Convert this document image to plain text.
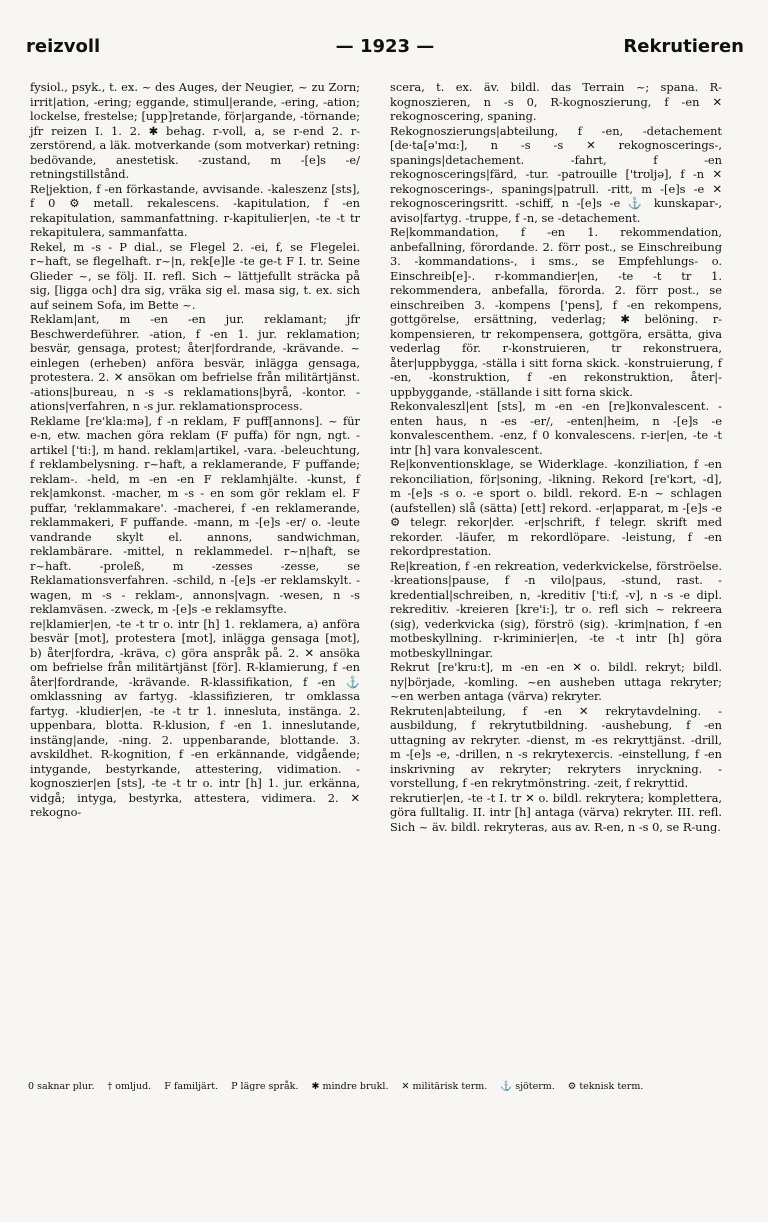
reizvoll	— 1923 —	Rekrutieren

fysiol., psyk., t. ex. ~ des Auges, der Neugier, ~ zu Zorn; irrit|ation, -ering; eggande, stimul|erande, -ering, -ation; lockelse, frestelse; [upp]retande, för|argande, -törnande; jfr reizen I. 1. 2. ✱ behag. r-voll, a, se r-end 2. r-zerstörend, a läk. motverkande (som motverkar) retning: bedövande, anestetisk. -zustand, m -[e]s -e/ retningstillstånd.

Re|jektion, f -en förkastande, avvisande. -kaleszenz [sts], f 0 ⚙ metall. rekalescens. -kapitulation, f -en rekapitulation, sammanfattning. r-kapitulier|en, -te -t tr rekapitulera, sammanfatta.

Rekel, m -s - P dial., se Flegel 2. -ei, f, se Flegelei. r~haft, se flegelhaft. r~|n, rek[e]le -te ge-t F I. tr. Seine Glieder ~, se följ. II. refl. Sich ~ lättjefullt sträcka på sig, [ligga och] dra sig, vräka sig el. masa sig, t. ex. sich auf seinem Sofa, im Bette ~.

Reklam|ant, m -en -en jur. reklamant; jfr Beschwerdeführer. -ation, f -en 1. jur. reklamation; besvär, gensaga, protest; åter|fordrande, -krävande. ~ einlegen (erheben) anföra besvär, inlägga gensaga, protestera. 2. ✕ ansökan om befrielse från militärtjänst. -ations|bureau, n -s -s reklamations|byrå, -kontor. -ations|verfahren, n -s jur. reklamationsprocess.

Reklame [re'kla:mə], f -n reklam, F puff[annons]. ~ für e-n, etw. machen göra reklam (F puffa) för ngn, ngt. -artikel ['ti:], m hand. reklam|artikel, -vara. -beleuchtung, f reklambelysning. r~haft, a reklamerande, F puffande; reklam-. -held, m -en -en F reklamhjälte. -kunst, f rek|amkonst. -macher, m -s - en som gör reklam el. F puffar, 'reklammakare'. -macherei, f -en reklamerande, reklammakeri, F puffande. -mann, m -[e]s -er/ o. -leute vandrande skylt el. annons, sandwichman, reklambärare. -mittel, n reklammedel. r~n|haft, se r~haft. -proleß, m -zesses -zesse, se Reklamationsverfahren. -schild, n -[e]s -er reklamskylt. -wagen, m -s - reklam-, annons|vagn. -wesen, n -s reklamväsen. -zweck, m -[e]s -e reklamsyfte.

re|klamier|en, -te -t tr o. intr [h] 1. reklamera, a) anföra besvär [mot], protestera [mot], inlägga gensaga [mot], b) åter|fordra, -kräva, c) göra anspråk på. 2. ✕ ansöka om befrielse från militärtjänst [för]. R-klamierung, f -en åter|fordrande, -krävande. R-klassifikation, f -en ⚓ omklassning av fartyg. -klassifizieren, tr omklassa fartyg. -kludier|en, -te -t tr 1. innesluta, instänga. 2. uppenbara, blotta. R-klusion, f -en 1. inneslutande, instäng|ande, -ning. 2. uppenbarande, blottande. 3. avskildhet. R-kognition, f -en erkännande, vidgående; intygande, bestyrkande, attestering, vidimation. -kognoszier|en [sts], -te -t tr o. intr [h] 1. jur. erkänna, vidgå; intyga, bestyrka, attestera, vidimera. 2. ✕ rekogno-

scera, t. ex. äv. bildl. das Terrain ~; spana. R-kognoszieren, n -s 0, R-kognoszierung, f -en ✕ rekognoscering, spaning.

Rekognoszierungs|abteilung, f -en, -detachement [de·ta[ə'mɑ:], n -s -s ✕ rekognoscerings-, spanings|detachement. -fahrt, f -en rekognoscerings|färd, -tur. -patrouille ['trʊljə], f -n ✕ rekognoscerings-, spanings|patrull. -ritt, m -[e]s -e ✕ rekognosceringsritt. -schiff, n -[e]s -e ⚓ kunskapar-, aviso|fartyg. -truppe, f -n, se -detachement.

Re|kommandation, f -en 1. rekommendation, anbefallning, förordande. 2. förr post., se Einschreibung 3. -kommandations-, i sms., se Empfehlungs- o. Einschreib[e]-. r-kommandier|en, -te -t tr 1. rekommendera, anbefalla, förorda. 2. förr post., se einschreiben 3. -kompens ['pens], f -en rekompens, gottgörelse, ersättning, vederlag; ✱ belöning. r-kompensieren, tr rekompensera, gottgöra, ersätta, giva vederlag för. r-konstruieren, tr rekonstruera, åter|uppbygga, -ställa i sitt forna skick. -konstruierung, f -en, -konstruktion, f -en rekonstruktion, åter|-uppbyggande, -ställande i sitt forna skick.

Rekonvaleszl|ent [sts], m -en -en [re]konvalescent. -enten haus, n -es -er/, -enten|heim, n -[e]s -e konvalescenthem. -enz, f 0 konvalescens. r-ier|en, -te -t intr [h] vara konvalescent.

Re|konventionsklage, se Widerklage. -konziliation, f -en rekonciliation, för|soning, -likning. Rekord [re'kɔrt, -d], m -[e]s -s o. -e sport o. bildl. rekord. E-n ~ schlagen (aufstellen) slå (sätta) [ett] rekord. -er|apparat, m -[e]s -e ⚙ telegr. rekor|der. -er|schrift, f telegr. skrift med rekorder. -läufer, m rekordlöpare. -leistung, f -en rekordprestation.

Re|kreation, f -en rekreation, vederkvickelse, förströelse. -kreations|pause, f -n vilo|paus, -stund, rast. -kredential|schreiben, n, -kreditiv ['ti:f, -v], n -s -e dipl. rekreditiv. -kreieren [kre'i:], tr o. refl sich ~ rekreera (sig), vederkvicka (sig), förströ (sig). -krim|nation, f -en motbeskyllning. r-kriminier|en, -te -t intr [h] göra motbeskyllningar.

Rekrut [re'kru:t], m -en -en ✕ o. bildl. rekryt; bildl. ny|började, -komling. ~en ausheben uttaga rekryter; ~en werben antaga (värva) rekryter.

Rekruten|abteilung, f -en ✕ rekrytavdelning. -ausbildung, f rekrytutbildning. -aushebung, f -en uttagning av rekryter. -dienst, m -es rekryttjänst. -drill, m -[e]s -e, -drillen, n -s rekrytexercis. -einstellung, f -en inskrivning av rekryter; rekryters inryckning. -vorstellung, f -en rekrytmönstring. -zeit, f rekryttid.

rekrutier|en, -te -t I. tr ✕ o. bildl. rekrytera; komplettera, göra fulltalig. II. intr [h] antaga (värva) rekryter. III. refl. Sich ~ äv. bildl. rekryteras, aus av. R-en, n -s 0, se R-ung.

0 saknar plur. † omljud. F familjärt. P lägre språk. ✱ mindre brukl. ✕ militärisk term. ⚓ sjöterm. ⚙ teknisk term.
